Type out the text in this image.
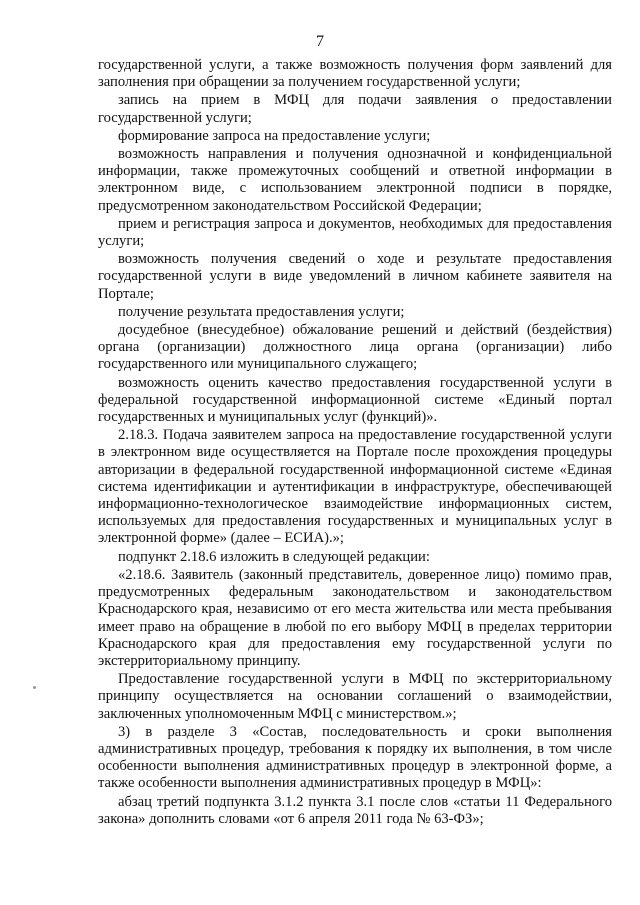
7

государственной услуги, а также возможность получения форм заявлений для заполнения при обращении за получением государственной услуги;

запись на прием в МФЦ для подачи заявления о предоставлении государственной услуги;

формирование запроса на предоставление услуги;

возможность направления и получения однозначной и конфиденциальной информации, также промежуточных сообщений и ответной информации в электронном виде, с использованием электронной подписи в порядке, предусмотренном законодательством Российской Федерации;

прием и регистрация запроса и документов, необходимых для предоставления услуги;

возможность получения сведений о ходе и результате предоставления государственной услуги в виде уведомлений в личном кабинете заявителя на Портале;

получение результата предоставления услуги;

досудебное (внесудебное) обжалование решений и действий (бездействия) органа (организации) должностного лица органа (организации) либо государственного или муниципального служащего;

возможность оценить качество предоставления государственной услуги в федеральной государственной информационной системе «Единый портал государственных и муниципальных услуг (функций)».

2.18.3. Подача заявителем запроса на предоставление государственной услуги в электронном виде осуществляется на Портале после прохождения процедуры авторизации в федеральной государственной информационной системе «Единая система идентификации и аутентификации в инфраструктуре, обеспечивающей информационно-технологическое взаимодействие информационных систем, используемых для предоставления государственных и муниципальных услуг в электронной форме» (далее – ЕСИА).»;

подпункт 2.18.6 изложить в следующей редакции:

«2.18.6. Заявитель (законный представитель, доверенное лицо) помимо прав, предусмотренных федеральным законодательством и законодательством Краснодарского края, независимо от его места жительства или места пребывания имеет право на обращение в любой по его выбору МФЦ в пределах территории Краснодарского края для предоставления ему государственной услуги по экстерриториальному принципу.

Предоставление государственной услуги в МФЦ по экстерриториальному принципу осуществляется на основании соглашений о взаимодействии, заключенных уполномоченным МФЦ с министерством.»;

3) в разделе 3 «Состав, последовательность и сроки выполнения административных процедур, требования к порядку их выполнения, в том числе особенности выполнения административных процедур в электронной форме, а также особенности выполнения административных процедур в МФЦ»:

абзац третий подпункта 3.1.2 пункта 3.1 после слов «статьи 11 Федерального закона» дополнить словами «от 6 апреля 2011 года № 63-ФЗ»;
